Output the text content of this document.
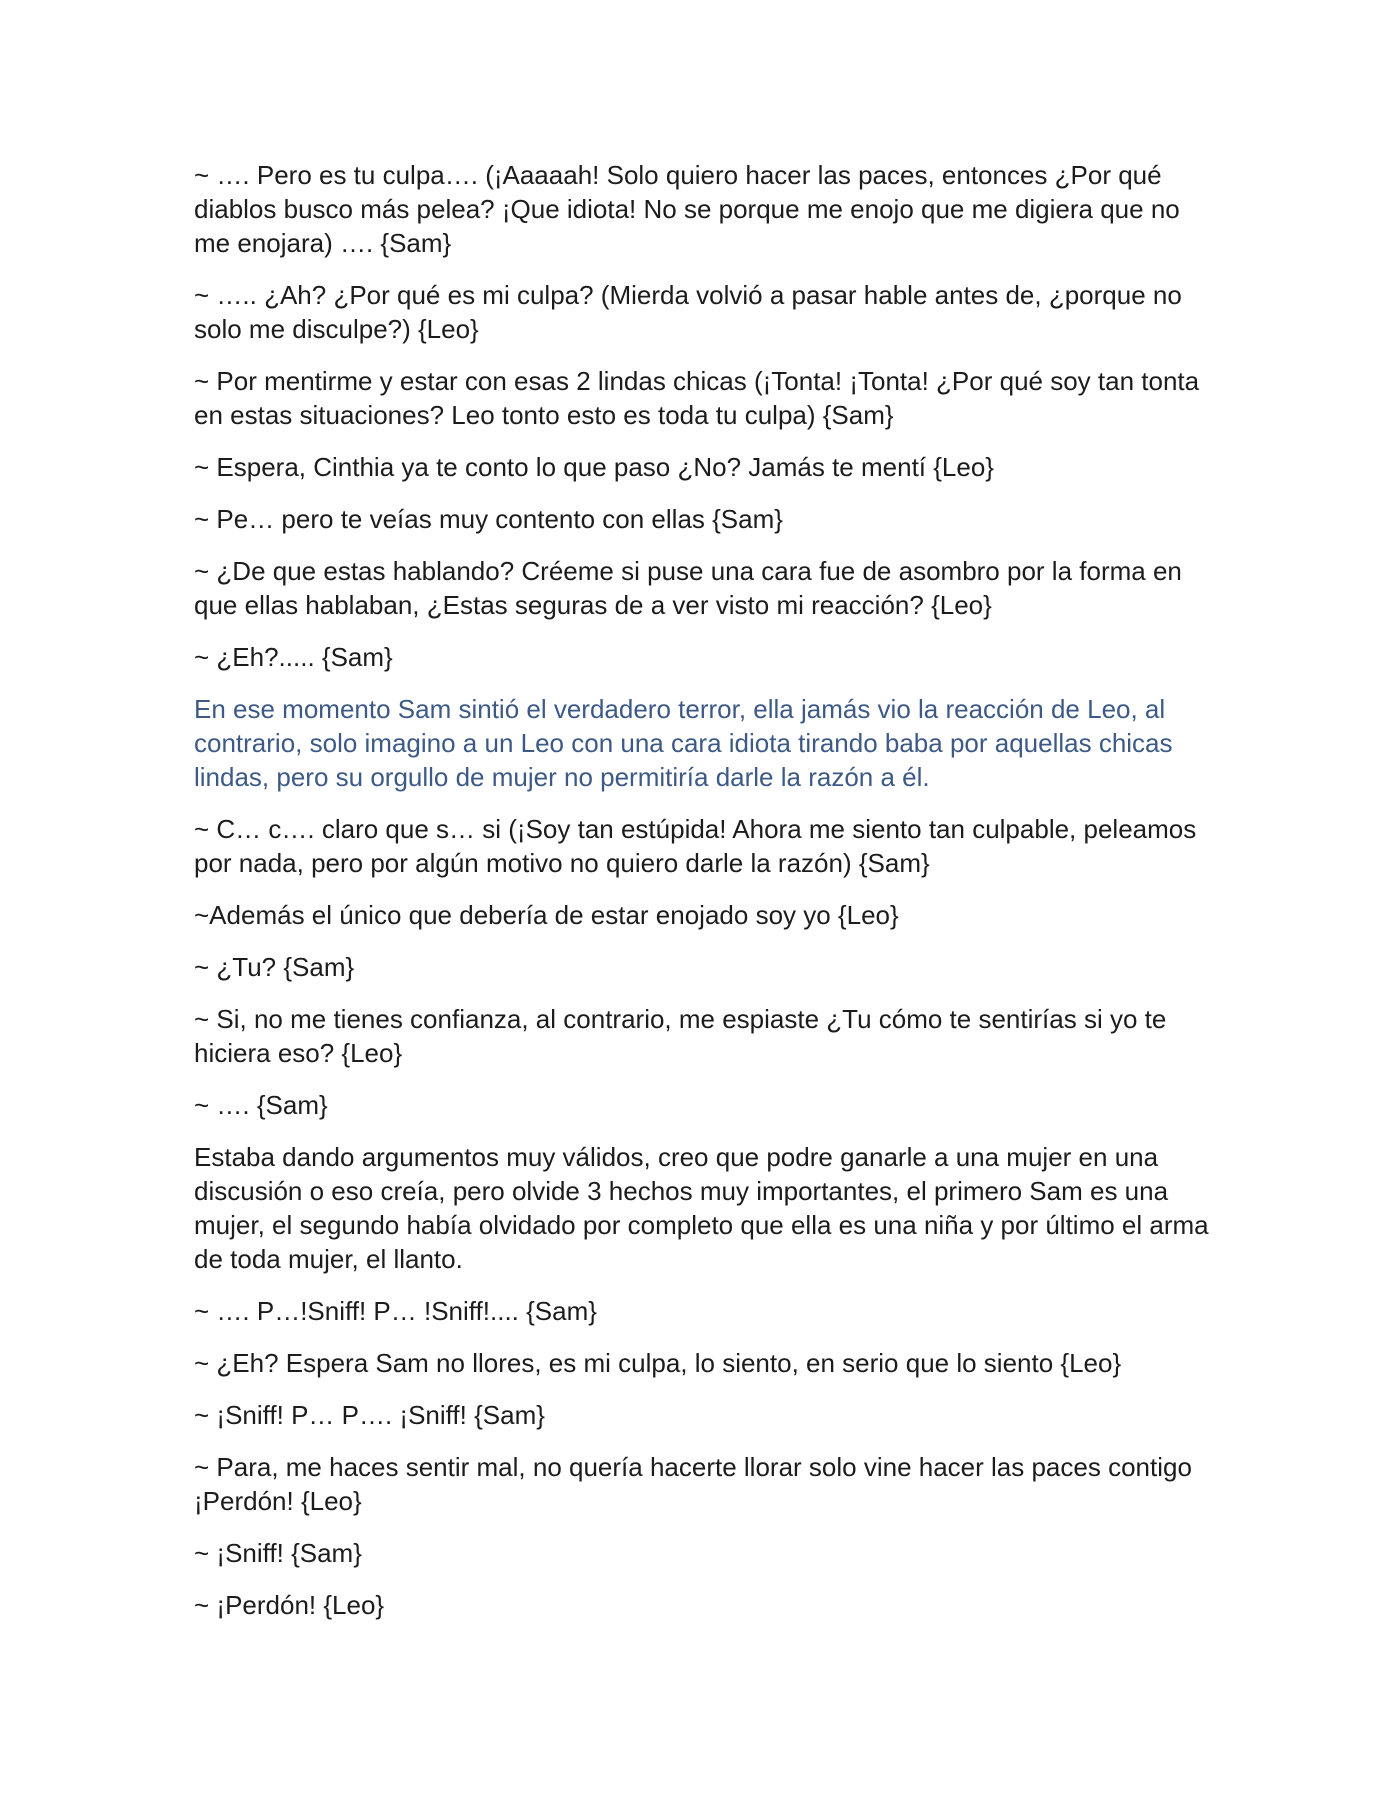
~ …. Pero es tu culpa…. (¡Aaaaah! Solo quiero hacer las paces, entonces ¿Por qué diablos busco más pelea? ¡Que idiota! No se porque me enojo que me digiera que no me enojara) …. {Sam}

~ ….. ¿Ah? ¿Por qué es mi culpa? (Mierda volvió a pasar hable antes de, ¿porque no solo me disculpe?) {Leo}

~ Por mentirme y estar con esas 2 lindas chicas (¡Tonta! ¡Tonta! ¿Por qué soy tan tonta en estas situaciones? Leo tonto esto es toda tu culpa) {Sam}

~ Espera, Cinthia ya te conto lo que paso ¿No? Jamás te mentí {Leo}

~ Pe… pero te veías muy contento con ellas {Sam}

~ ¿De que estas hablando? Créeme si puse una cara fue de asombro por la forma en que ellas hablaban, ¿Estas seguras de a ver visto mi reacción? {Leo}

~ ¿Eh?..... {Sam}

En ese momento Sam sintió el verdadero terror, ella jamás vio la reacción de Leo, al contrario, solo imagino a un Leo con una cara idiota tirando baba por aquellas chicas lindas, pero su orgullo de mujer no permitiría darle la razón a él.

~ C… c…. claro que s… si (¡Soy tan estúpida! Ahora me siento tan culpable, peleamos por nada, pero por algún motivo no quiero darle la razón) {Sam}

~Además el único que debería de estar enojado soy yo {Leo}

~ ¿Tu? {Sam}

~ Si, no me tienes confianza, al contrario, me espiaste ¿Tu cómo te sentirías si yo te hiciera eso? {Leo}

~ …. {Sam}

Estaba dando argumentos muy válidos, creo que podre ganarle a una mujer en una discusión o eso creía, pero olvide 3 hechos muy importantes, el primero Sam es una mujer, el segundo había olvidado por completo que ella es una niña y por último el arma de toda mujer, el llanto.

~ …. P…!Sniff! P… !Sniff!.... {Sam}

~ ¿Eh? Espera Sam no llores, es mi culpa, lo siento, en serio que lo siento {Leo}

~ ¡Sniff! P… P…. ¡Sniff! {Sam}

~ Para, me haces sentir mal, no quería hacerte llorar solo vine hacer las paces contigo ¡Perdón! {Leo}

~ ¡Sniff! {Sam}

~ ¡Perdón! {Leo}
